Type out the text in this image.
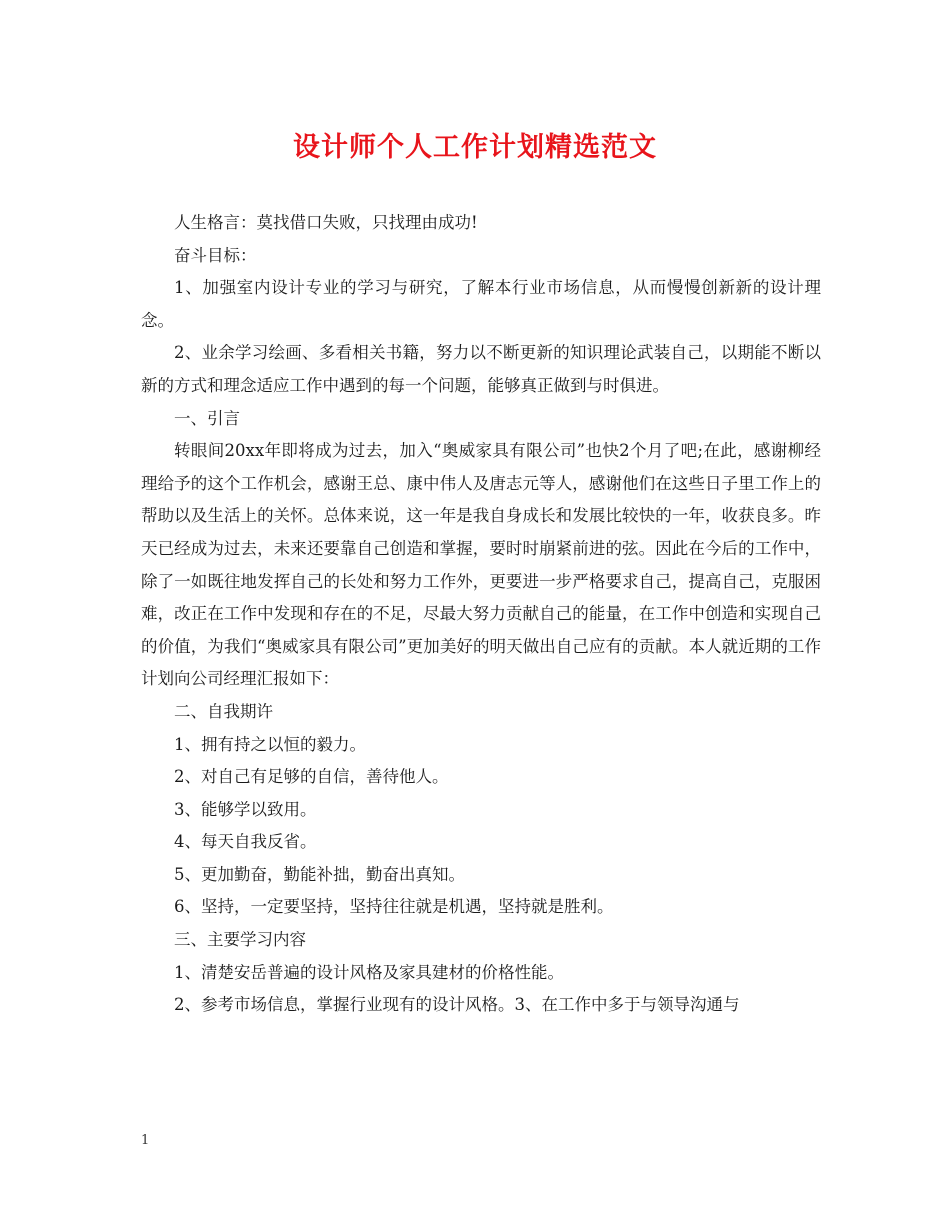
设计师个人工作计划精选范文

人生格言：莫找借口失败，只找理由成功!

奋斗目标：

1、加强室内设计专业的学习与研究，了解本行业市场信息，从而慢慢创新新的设计理念。

2、业余学习绘画、多看相关书籍，努力以不断更新的知识理论武装自己，以期能不断以新的方式和理念适应工作中遇到的每一个问题，能够真正做到与时俱进。

一、引言

转眼间20xx年即将成为过去，加入“奥威家具有限公司”也快2个月了吧;在此，感谢柳经理给予的这个工作机会，感谢王总、康中伟人及唐志元等人，感谢他们在这些日子里工作上的帮助以及生活上的关怀。总体来说，这一年是我自身成长和发展比较快的一年，收获良多。昨天已经成为过去，未来还要靠自己创造和掌握，要时时崩紧前进的弦。因此在今后的工作中，除了一如既往地发挥自己的长处和努力工作外，更要进一步严格要求自己，提高自己，克服困难，改正在工作中发现和存在的不足，尽最大努力贡献自己的能量，在工作中创造和实现自己的价值，为我们“奥威家具有限公司”更加美好的明天做出自己应有的贡献。本人就近期的工作计划向公司经理汇报如下：

二、自我期许

1、拥有持之以恒的毅力。

2、对自己有足够的自信，善待他人。

3、能够学以致用。

4、每天自我反省。

5、更加勤奋，勤能补拙，勤奋出真知。

6、坚持，一定要坚持，坚持往往就是机遇，坚持就是胜利。

三、主要学习内容

1、清楚安岳普遍的设计风格及家具建材的价格性能。

2、参考市场信息，掌握行业现有的设计风格。3、在工作中多于与领导沟通与

1
